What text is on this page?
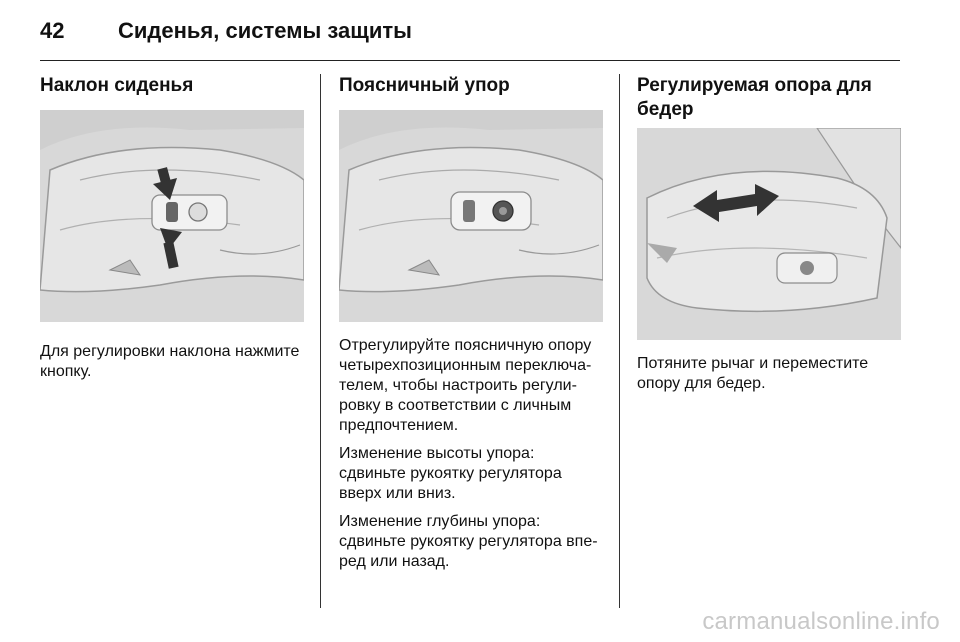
42	Сиденья, системы защиты
Наклон сиденья

Для регулировки наклона нажмите кнопку.

Поясничный упор

Отрегулируйте поясничную опору четырехпозиционным переключа-телем, чтобы настроить регули-ровку в соответствии с личным предпочтением.

Изменение высоты упора: сдвиньте рукоятку регулятора вверх или вниз.

Изменение глубины упора: сдвиньте рукоятку регулятора впе-ред или назад.

Регулируемая опора для бедер

Потяните рычаг и переместите опору для бедер.

carmanualsonline.info
